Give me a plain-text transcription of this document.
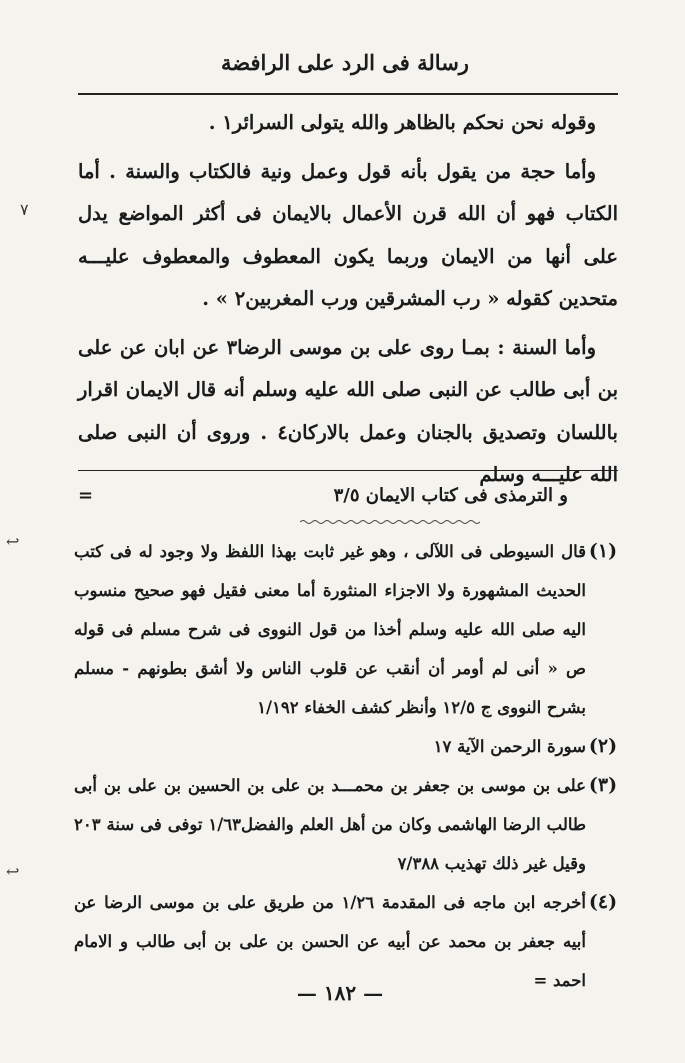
رسالة فى الرد على الرافضة

وقوله نحن نحكم بالظاهر والله يتولى السرائر١ .

وأما حجة من يقول بأنه قول وعمل ونية فالكتاب والسنة . أما الكتاب فهو أن الله قرن الأعمال بالايمان فى أكثر المواضع يدل على أنها من الايمان وربما يكون المعطوف والمعطوف عليـــه متحدين كقوله « رب المشرقين ورب المغربين٢ » .

وأما السنة : بمـا روى على بن موسى الرضا٣ عن ابان عن على بن أبى طالب عن النبى صلى الله عليه وسلم أنه قال الايمان اقرار باللسان وتصديق بالجنان وعمل بالاركان٤ . وروى أن النبى صلى الله عليـــه وسلم

=	و الترمذى فى كتاب الايمان ٣/٥
(١)
قال السيوطى فى اللآلى ، وهو غير ثابت بهذا اللفظ ولا وجود له فى كتب الحديث المشهورة ولا الاجزاء المنثورة أما معنى فقيل فهو صحيح منسوب اليه صلى الله عليه وسلم أخذا من قول النووى فى شرح مسلم فى قوله ص « أنى لم أومر أن أنقب عن قلوب الناس ولا أشق بطونهم - مسلم بشرح النووى ج ١٢/٥ وأنظر كشف الخفاء ١/١٩٢
(٢)
سورة الرحمن الآية ١٧
(٣)
على بن موسى بن جعفر بن محمـــد بن على بن الحسين بن على بن أبى طالب الرضا الهاشمى وكان من أهل العلم والفضل١/٦٣ توفى فى سنة ٢٠٣ وقيل غير ذلك تهذيب ٧/٣٨٨
(٤)
أخرجه ابن ماجه فى المقدمة ١/٢٦ من طريق على بن موسى الرضا عن أبيه جعفر بن محمد عن أبيه عن الحسن بن على بن أبى طالب و الامام احمد =
— ١٨٢ —
٧
↩
↩
